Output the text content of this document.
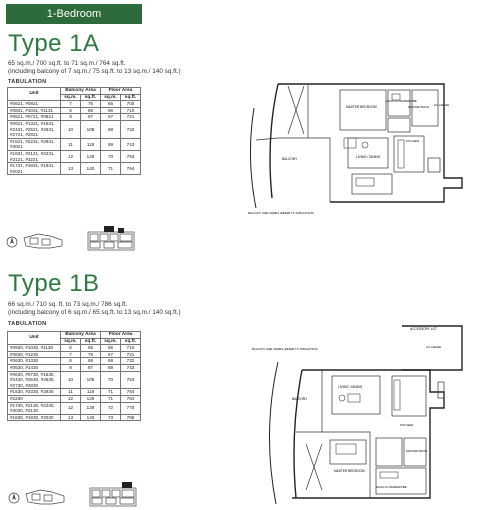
1-Bedroom
Type 1A
65 sq.m./ 700 sq.ft. to 71 sq.m./ 764 sq.ft.
(including balcony of 7 sq.m./ 75 sq.ft. to 13 sq.m./ 140 sq.ft.)
TABULATION
Unit	Balcony Area		Floor Area	
	sq.m.	sq.ft.	sq.m.	sq.ft.
#0621, #0921	7	75	65	700
#0831, #1031, #1131	8	86	66	710
#0521, #0721, #0821	9	97	67	721
#0621, #1321, #1631, #2431, #2521, #2631, #2721, #2821	10	108	68	732
#1521, #2231, #2931, #3021	11	118	69	743
#1631, #2121, #2231, #3121, #3221	12	129	70	753
#1731, #1831, #1931, #2021	13	140	71	764
MASTER BEDROOM
WALK-IN WARDROBE
MASTER BATH AC LEDGE
KITCHEN
LIVING / DINING
BALCONY
BALCONY SIZE VARIES (REFER TO TABULATION)
Type 1B
66 sq.m./ 710 sq. ft. to 73 sq.m./ 786 sq.ft.
(including balcony of 6 sq.m./ 65 sq.ft. to 13 sq.m./ 140 sq.ft.)
TABULATION
Unit	Balcony Area		Floor Area	
	sq.m.	sq.ft.	sq.m.	sq.ft.
#0930, #1030, #1130	6	65	66	710
#0830, #1230	7	75	67	721
#0630, #1330	8	86	68	732
#0530, #1430	9	97	69	743
#0630, #0730, #1530, #2430, #2530, #2630, #2730, #2830	10	108	70	753
#1630, #2330, #2930	11	118	71	764
#2230	12	129	71	764
#1730, #2130, #2230, #3030, #3130	12	129	72	775
#1830, #1930, #2030	13	140	73	786
ACCESSORY LOT
AC LEDGE
LIVING / DINING
KITCHEN
MASTER BEDROOM
WALK-IN WARDROBE
MASTER BATH
BALCONY
BALCONY SIZE VARIES (REFER TO TABULATION)
